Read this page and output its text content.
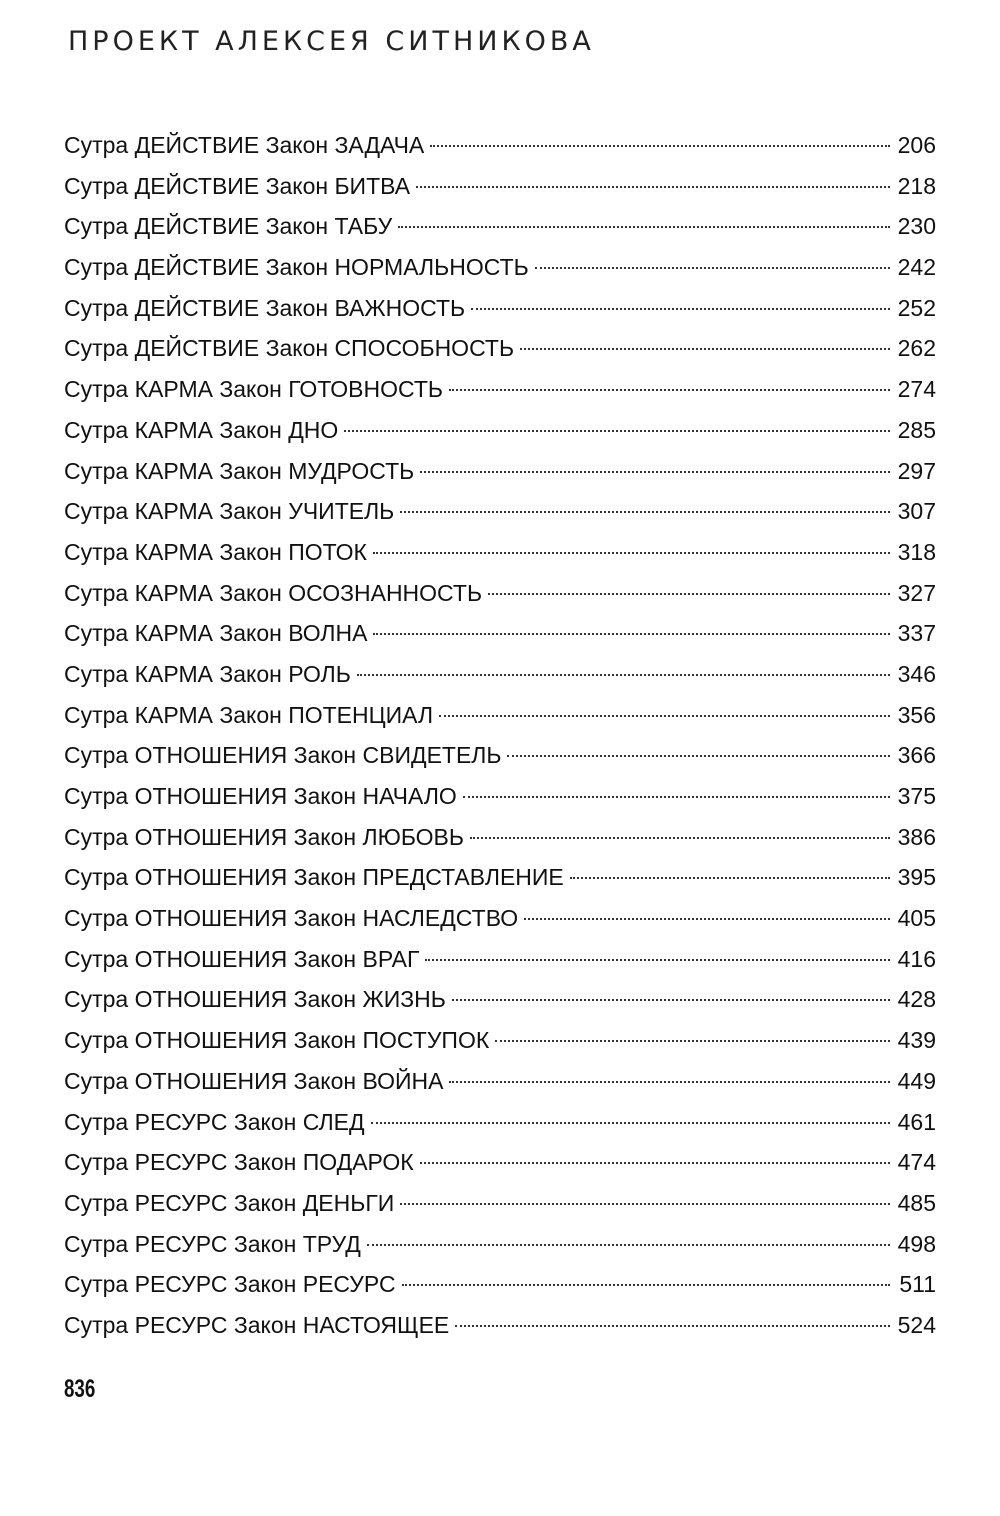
ПРОЕКТ АЛЕКСЕЯ СИТНИКОВА
Сутра ДЕЙСТВИЕ Закон ЗАДАЧА	206
Сутра ДЕЙСТВИЕ Закон БИТВА	218
Сутра ДЕЙСТВИЕ Закон ТАБУ	230
Сутра ДЕЙСТВИЕ Закон НОРМАЛЬНОСТЬ	242
Сутра ДЕЙСТВИЕ Закон ВАЖНОСТЬ	252
Сутра ДЕЙСТВИЕ Закон СПОСОБНОСТЬ	262
Сутра КАРМА Закон ГОТОВНОСТЬ	274
Сутра КАРМА Закон ДНО	285
Сутра КАРМА Закон МУДРОСТЬ	297
Сутра КАРМА Закон УЧИТЕЛЬ	307
Сутра КАРМА Закон ПОТОК	318
Сутра КАРМА Закон ОСОЗНАННОСТЬ	327
Сутра КАРМА Закон ВОЛНА	337
Сутра КАРМА Закон РОЛЬ	346
Сутра КАРМА Закон ПОТЕНЦИАЛ	356
Сутра ОТНОШЕНИЯ Закон СВИДЕТЕЛЬ	366
Сутра ОТНОШЕНИЯ Закон НАЧАЛО	375
Сутра ОТНОШЕНИЯ Закон ЛЮБОВЬ	386
Сутра ОТНОШЕНИЯ Закон ПРЕДСТАВЛЕНИЕ	395
Сутра ОТНОШЕНИЯ Закон НАСЛЕДСТВО	405
Сутра ОТНОШЕНИЯ Закон ВРАГ	416
Сутра ОТНОШЕНИЯ Закон ЖИЗНЬ	428
Сутра ОТНОШЕНИЯ Закон ПОСТУПОК	439
Сутра ОТНОШЕНИЯ Закон ВОЙНА	449
Сутра РЕСУРС Закон СЛЕД	461
Сутра РЕСУРС Закон ПОДАРОК	474
Сутра РЕСУРС Закон ДЕНЬГИ	485
Сутра РЕСУРС Закон ТРУД	498
Сутра РЕСУРС Закон РЕСУРС	511
Сутра РЕСУРС Закон НАСТОЯЩЕЕ	524
836
